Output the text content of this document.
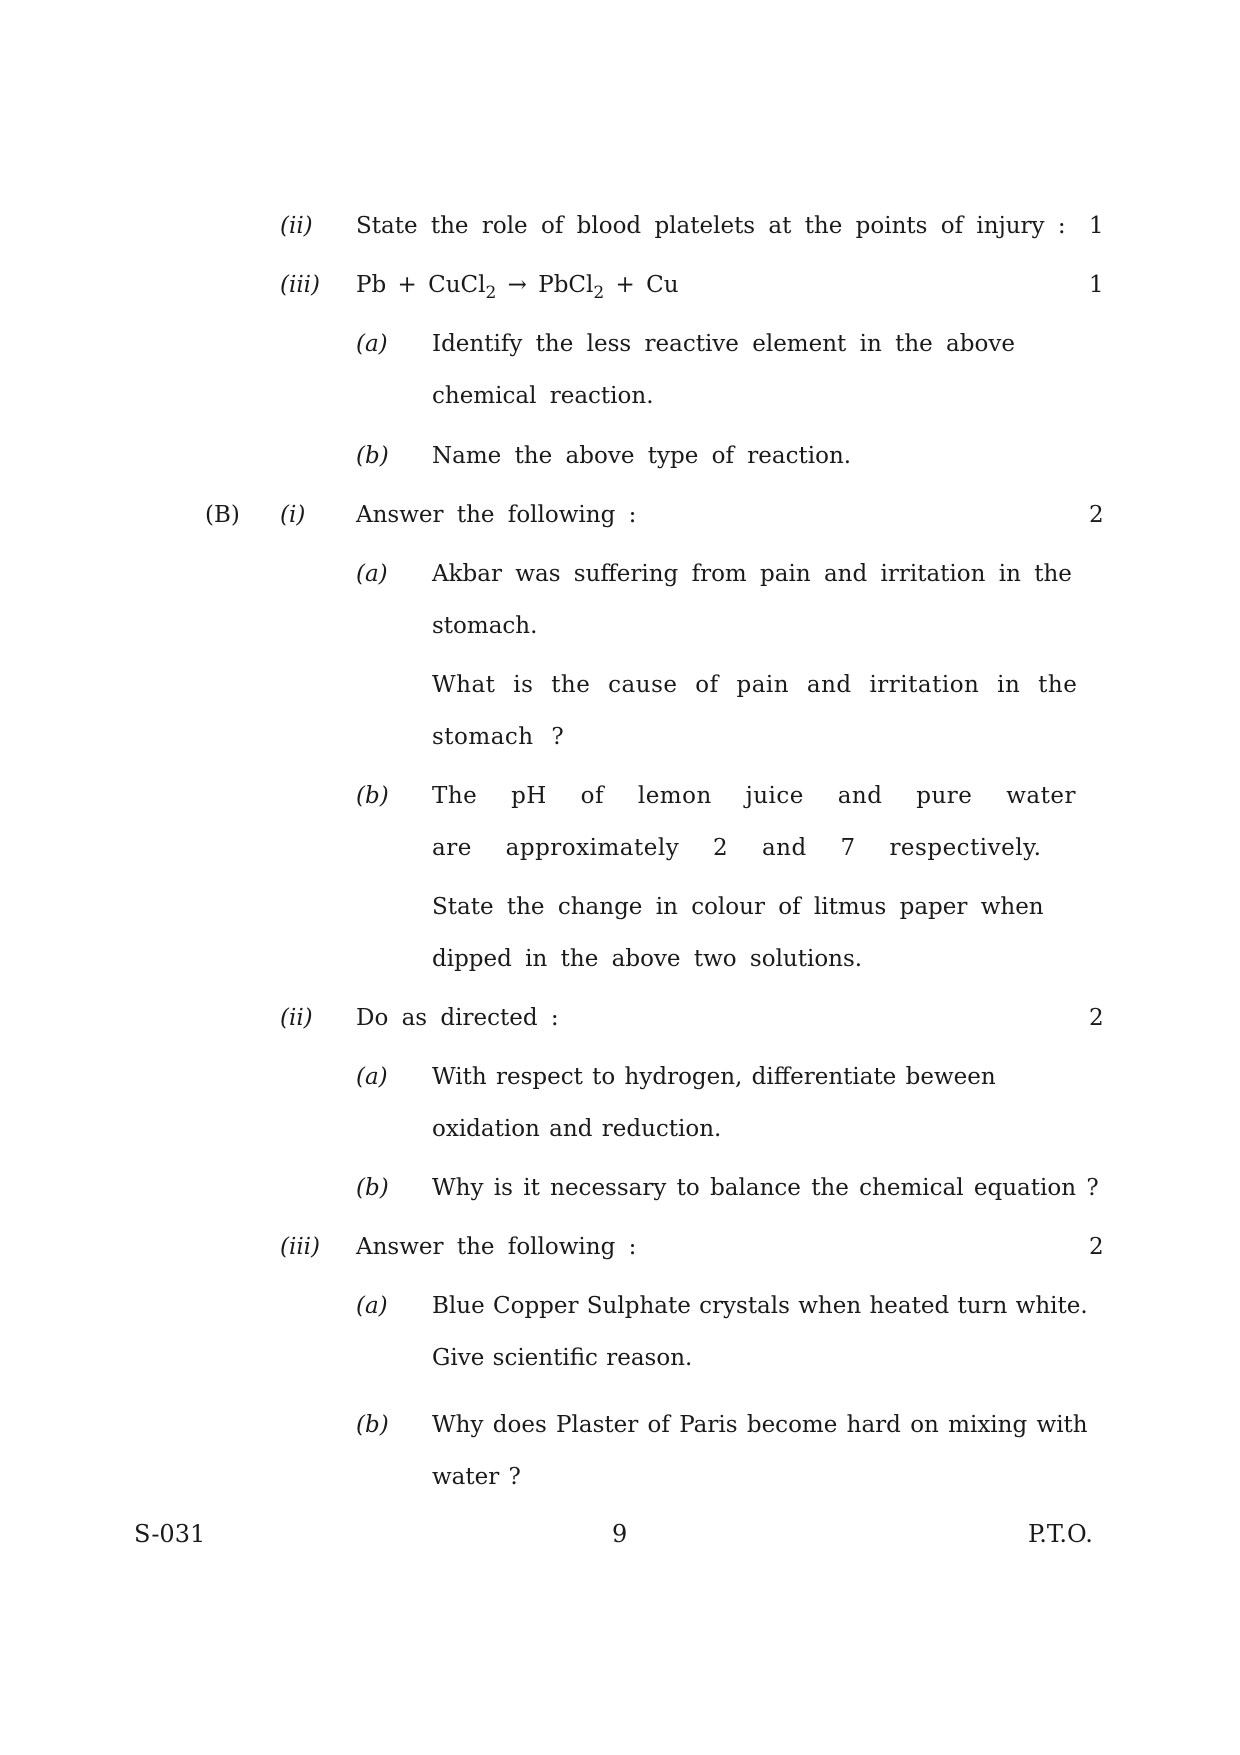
(ii) State the role of blood platelets at the points of injury : 1
(iii) Pb + CuCl$_2$ → PbCl$_2$ + Cu	1
(a) Identify the less reactive element in the above chemical reaction.
(b) Name the above type of reaction.
(B) (i) Answer the following :	2
(a) Akbar was suffering from pain and irritation in the stomach.
What is the cause of pain and irritation in the stomach ?
(b) The pH of lemon juice and pure water are approximately 2 and 7 respectively.
State the change in colour of litmus paper when dipped in the above two solutions.
(ii) Do as directed :	2
(a) With respect to hydrogen, differentiate beween oxidation and reduction.
(b) Why is it necessary to balance the chemical equation ?
(iii) Answer the following :	2
(a) Blue Copper Sulphate crystals when heated turn white. Give scientific reason.
(b) Why does Plaster of Paris become hard on mixing with water ?
S-031	9	P.T.O.
